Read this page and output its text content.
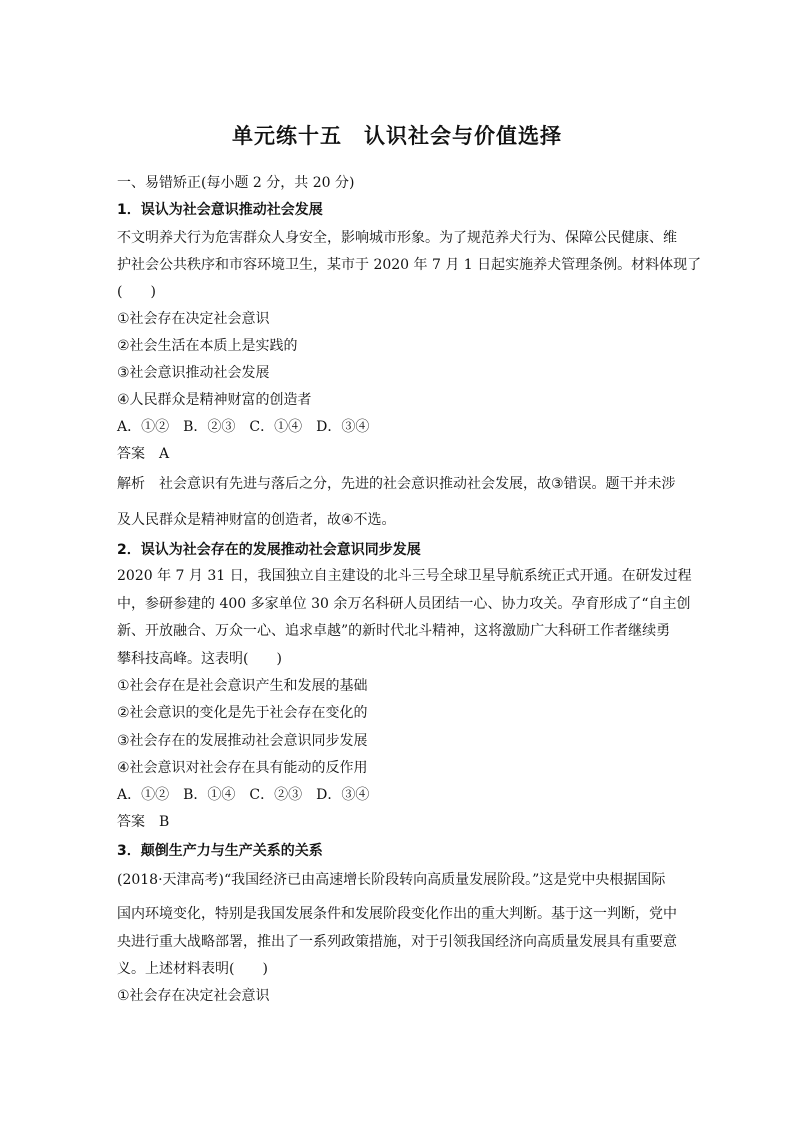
单元练十五 认识社会与价值选择
一、易错矫正(每小题 2 分，共 20 分)
1．误认为社会意识推动社会发展
不文明养犬行为危害群众人身安全，影响城市形象。为了规范养犬行为、保障公民健康、维
护社会公共秩序和市容环境卫生，某市于 2020 年 7 月 1 日起实施养犬管理条例。材料体现了
(　　)
①社会存在决定社会意识
②社会生活在本质上是实践的
③社会意识推动社会发展
④人民群众是精神财富的创造者
A．①② B．②③ C．①④ D．③④
答案 A
解析 社会意识有先进与落后之分，先进的社会意识推动社会发展，故③错误。题干并未涉
及人民群众是精神财富的创造者，故④不选。
2．误认为社会存在的发展推动社会意识同步发展
2020 年 7 月 31 日，我国独立自主建设的北斗三号全球卫星导航系统正式开通。在研发过程
中，参研参建的 400 多家单位 30 余万名科研人员团结一心、协力攻关。孕育形成了“自主创
新、开放融合、万众一心、追求卓越”的新时代北斗精神，这将激励广大科研工作者继续勇
攀科技高峰。这表明(　　)
①社会存在是社会意识产生和发展的基础
②社会意识的变化是先于社会存在变化的
③社会存在的发展推动社会意识同步发展
④社会意识对社会存在具有能动的反作用
A．①② B．①④ C．②③ D．③④
答案 B
3．颠倒生产力与生产关系的关系
(2018·天津高考)“我国经济已由高速增长阶段转向高质量发展阶段。”这是党中央根据国际
国内环境变化，特别是我国发展条件和发展阶段变化作出的重大判断。基于这一判断，党中
央进行重大战略部署，推出了一系列政策措施，对于引领我国经济向高质量发展具有重要意
义。上述材料表明(　　)
①社会存在决定社会意识
